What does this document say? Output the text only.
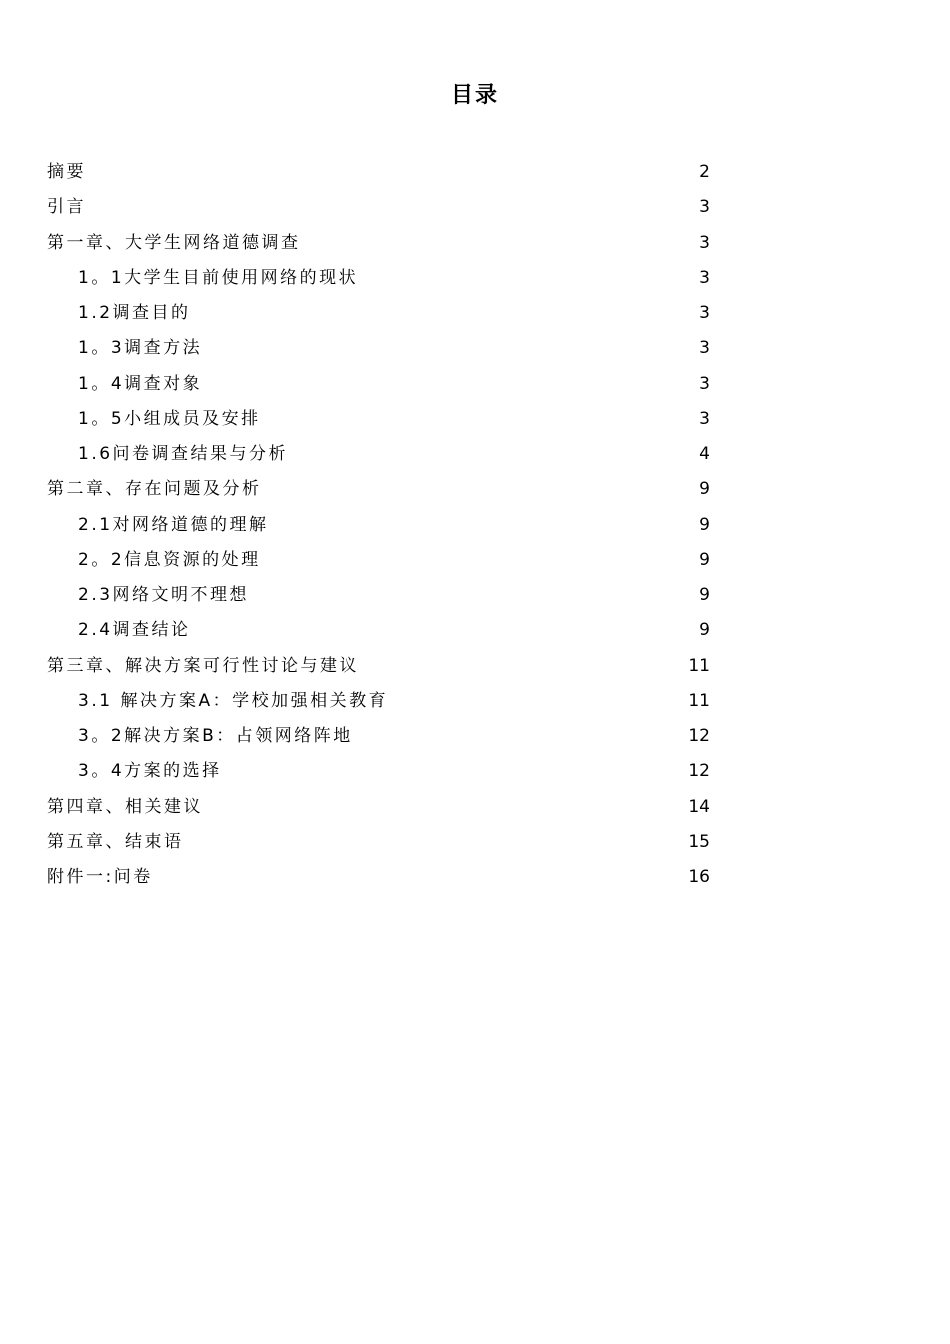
目录
摘要	2
引言	3
第一章、大学生网络道德调查	3
1。1大学生目前使用网络的现状	3
1.2调查目的	3
1。3调查方法	3
1。4调查对象	3
1。5小组成员及安排	3
1.6问卷调查结果与分析	4
第二章、存在问题及分析	9
2.1对网络道德的理解	9
2。2信息资源的处理	9
2.3网络文明不理想	9
2.4调查结论	9
第三章、解决方案可行性讨论与建议	11
3.1 解决方案A：学校加强相关教育	11
3。2解决方案B：占领网络阵地	12
3。4方案的选择	12
第四章、相关建议	14
第五章、结束语	15
附件一:问卷	16
